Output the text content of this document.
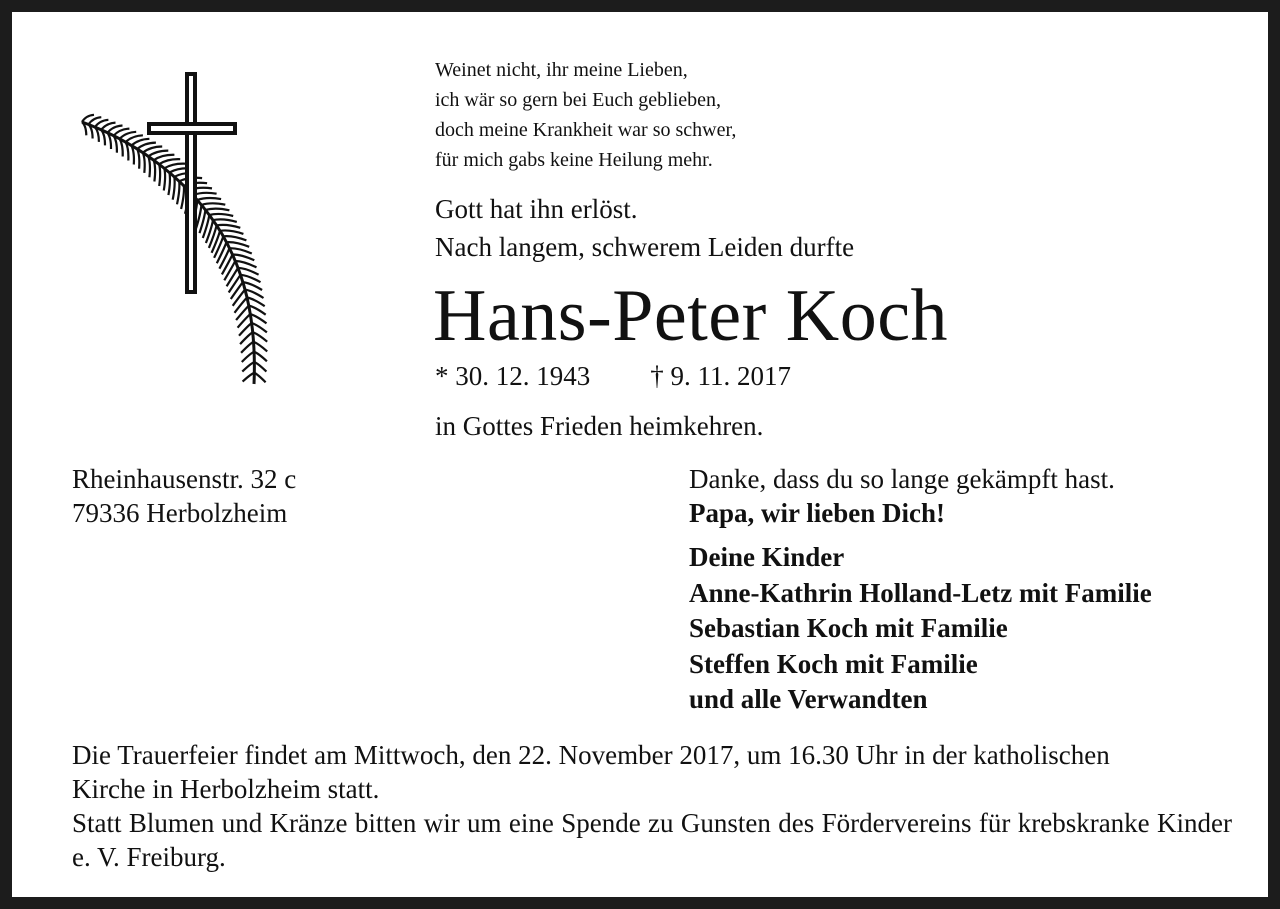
Weinet nicht, ihr meine Lieben,
ich wär so gern bei Euch geblieben,
doch meine Krankheit war so schwer,
für mich gabs keine Heilung mehr.
Gott hat ihn erlöst.
Nach langem, schwerem Leiden durfte
Hans-Peter Koch
* 30. 12. 1943 † 9. 11. 2017
in Gottes Frieden heimkehren.
Rheinhausenstr. 32 c
79336 Herbolzheim
Danke, dass du so lange gekämpft hast.
Papa, wir lieben Dich!
Deine Kinder
Anne-Kathrin Holland-Letz mit Familie
Sebastian Koch mit Familie
Steffen Koch mit Familie
und alle Verwandten

Die Trauerfeier findet am Mittwoch, den 22. November 2017, um 16.30 Uhr in der katholischen

Kirche in Herbolzheim statt.

Statt Blumen und Kränze bitten wir um eine Spende zu Gunsten des Fördervereins für krebskranke Kinder e. V. Freiburg.
